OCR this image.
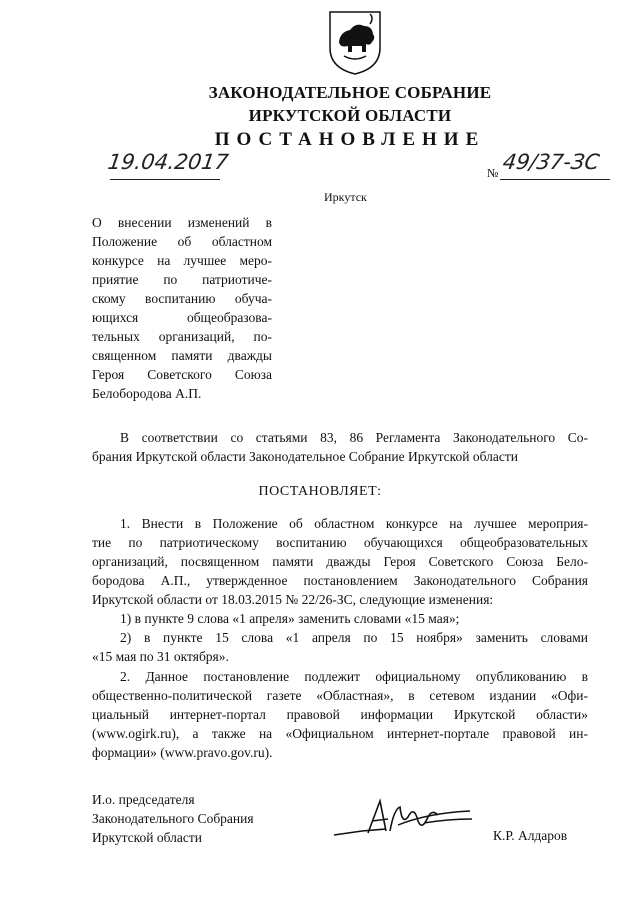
ЗАКОНОДАТЕЛЬНОЕ СОБРАНИЕ
ИРКУТСКОЙ ОБЛАСТИ
ПОСТАНОВЛЕНИЕ
19.04.2017	№ 49/37-ЗС
Иркутск
О внесении изменений в
Положение об областном
конкурсе на лучшее меро-
приятие по патриотиче-
скому воспитанию обуча-
ющихся общеобразова-
тельных организаций, по-
священном памяти дважды
Героя Советского Союза
Белобородова А.П.
В соответствии со статьями 83, 86 Регламента Законодательного Со-
брания Иркутской области Законодательное Собрание Иркутской области
ПОСТАНОВЛЯЕТ:
1. Внести в Положение об областном конкурсе на лучшее мероприя-
тие по патриотическому воспитанию обучающихся общеобразовательных
организаций, посвященном памяти дважды Героя Советского Союза Бело-
бородова А.П., утвержденное постановлением Законодательного Собрания
Иркутской области от 18.03.2015 № 22/26-ЗС, следующие изменения:
1) в пункте 9 слова «1 апреля» заменить словами «15 мая»;
2) в пункте 15 слова «1 апреля по 15 ноября» заменить словами
«15 мая по 31 октября».
2. Данное постановление подлежит официальному опубликованию в
общественно-политической газете «Областная», в сетевом издании «Офи-
циальный интернет-портал правовой информации Иркутской области»
(www.ogirk.ru), а также на «Официальном интернет-портале правовой ин-
формации» (www.pravo.gov.ru).
И.о. председателя
Законодательного Собрания
Иркутской области	К.Р. Алдаров
